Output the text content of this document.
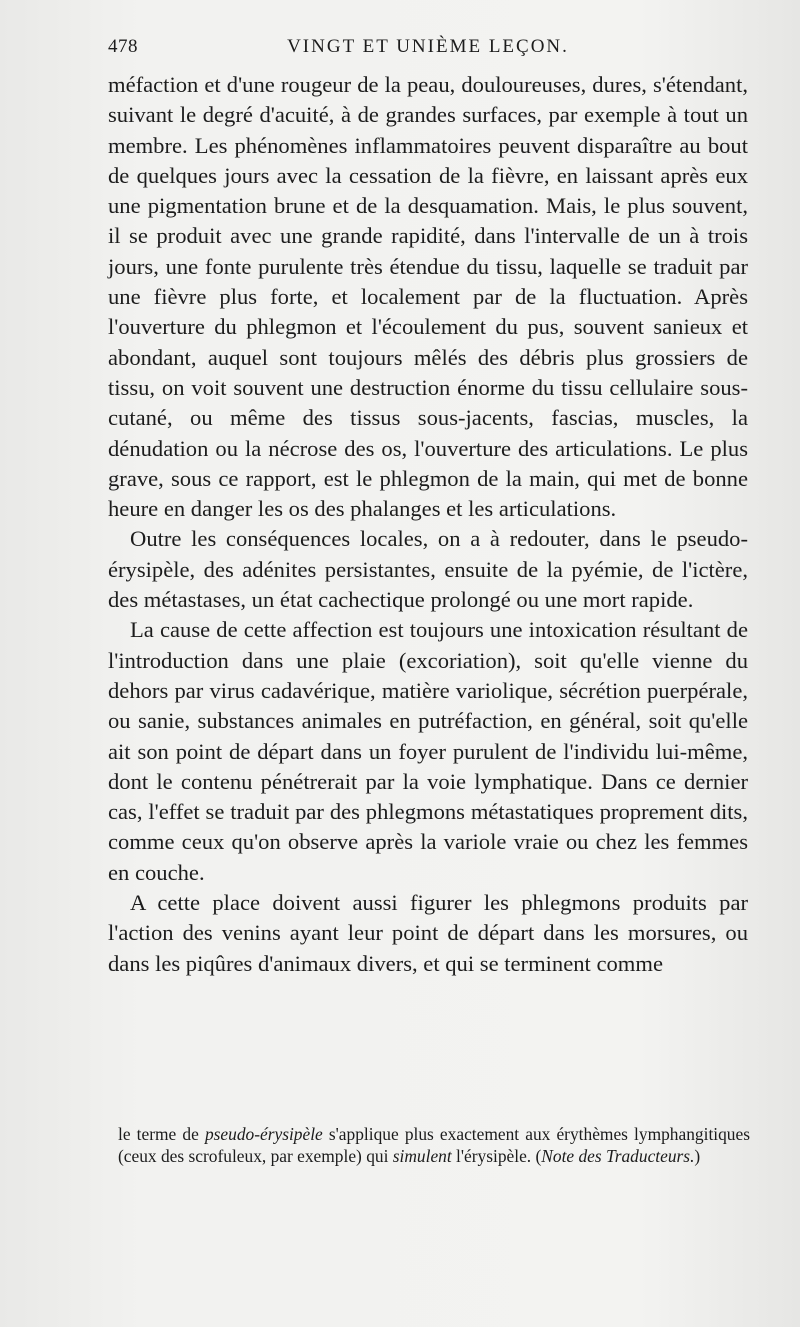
478	VINGT ET UNIÈME LEÇON.

méfaction et d'une rougeur de la peau, douloureuses, dures, s'étendant, suivant le degré d'acuité, à de grandes surfaces, par exemple à tout un membre. Les phénomènes inflammatoires peuvent disparaître au bout de quelques jours avec la cessation de la fièvre, en laissant après eux une pigmentation brune et de la desquamation. Mais, le plus souvent, il se produit avec une grande rapidité, dans l'intervalle de un à trois jours, une fonte purulente très étendue du tissu, laquelle se traduit par une fièvre plus forte, et localement par de la fluctuation. Après l'ouverture du phlegmon et l'écoulement du pus, souvent sanieux et abondant, auquel sont toujours mêlés des débris plus grossiers de tissu, on voit souvent une destruction énorme du tissu cellulaire sous-cutané, ou même des tissus sous-jacents, fascias, muscles, la dénudation ou la nécrose des os, l'ouverture des articulations. Le plus grave, sous ce rapport, est le phlegmon de la main, qui met de bonne heure en danger les os des phalanges et les articulations.

Outre les conséquences locales, on a à redouter, dans le pseudo-érysipèle, des adénites persistantes, ensuite de la pyémie, de l'ictère, des métastases, un état cachectique prolongé ou une mort rapide.

La cause de cette affection est toujours une intoxication résultant de l'introduction dans une plaie (excoriation), soit qu'elle vienne du dehors par virus cadavérique, matière variolique, sécrétion puerpérale, ou sanie, substances animales en putréfaction, en général, soit qu'elle ait son point de départ dans un foyer purulent de l'individu lui-même, dont le contenu pénétrerait par la voie lymphatique. Dans ce dernier cas, l'effet se traduit par des phlegmons métastatiques proprement dits, comme ceux qu'on observe après la variole vraie ou chez les femmes en couche.

A cette place doivent aussi figurer les phlegmons produits par l'action des venins ayant leur point de départ dans les morsures, ou dans les piqûres d'animaux divers, et qui se terminent comme

le terme de pseudo-érysipèle s'applique plus exactement aux érythèmes lymphangitiques (ceux des scrofuleux, par exemple) qui simulent l'érysipèle. (Note des Traducteurs.)
